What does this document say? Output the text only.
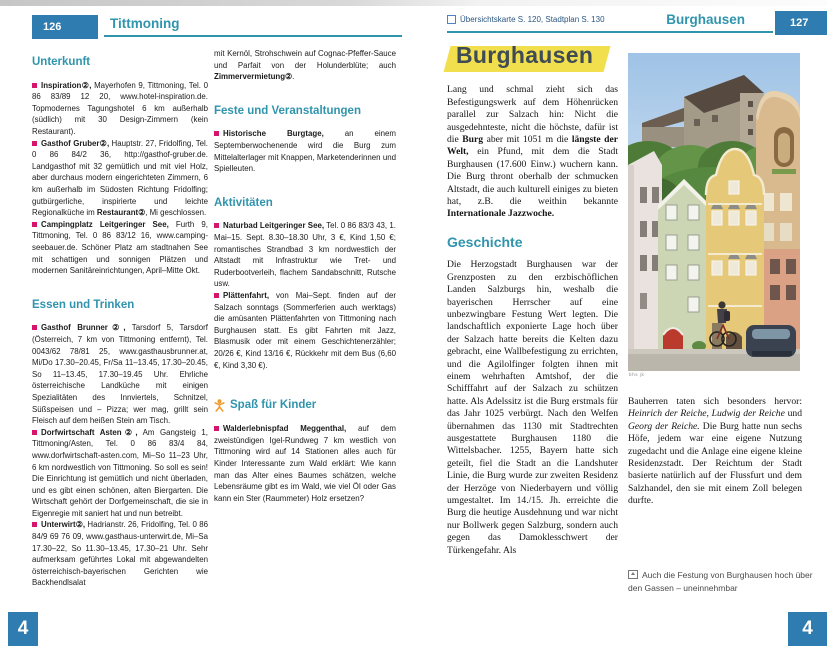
126	Tittmoning	Übersichtskarte S. 120, Stadtplan S. 130	Burghausen	127
Unterkunft

Inspiration②, Mayerhofen 9, Tittmoning, Tel. 0 86 83/89 12 20, www.hotel-inspiration.de. Topmodernes Tagungshotel 6 km außerhalb (südlich) mit 30 Design-Zimmern (kein Restaurant).

Gasthof Gruber②, Hauptstr. 27, Fridolfing, Tel. 0 86 84/2 36, http://gasthof-gruber.de. Landgasthof mit 32 gemütlich und mit viel Holz, aber durchaus modern eingerichteten Zimmern, 6 km außerhalb im Südosten Richtung Fridolfing; gutbürgerliche, inspirierte und leichte Regionalküche im Restaurant②, Mi geschlossen.

Campingplatz Leitgeringer See, Furth 9, Tittmoning, Tel. 0 86 83/12 16, www.camping-seebauer.de. Schöner Platz am stadtnahen See mit schattigen und sonnigen Plätzen und modernen Sanitäreinrichtungen, April–Mitte Okt.

Essen und Trinken

Gasthof Brunner②, Tarsdorf 5, Tarsdorf (Österreich, 7 km von Tittmoning entfernt), Tel. 0043/62 78/81 25, www.gasthausbrunner.at, Mi/Do 17.30–20.45, Fr/Sa 11–13.45, 17.30–20.45, So 11–13.45, 17.30–19.45 Uhr. Ehrliche österreichische Landküche mit einigen Spezialitäten des Innviertels, Schnitzel, Süßspeisen und – Pizza; wer mag, grillt sein Fleisch auf dem heißen Stein am Tisch.

Dorfwirtschaft Asten②, Am Gangsteig 1, Tittmoning/Asten, Tel. 0 86 83/4 84, www.dorfwirtschaft-asten.com, Mi–So 11–23 Uhr, 6 km nordwestlich von Tittmoning. So soll es sein! Die Einrichtung ist gemütlich und nicht überladen, und es gibt einen schönen, alten Biergarten. Die Wirtschaft gehört der Dorfgemeinschaft, die sie in Eigenregie mit saniert hat und nun betreibt.

Unterwirt②, Hadrianstr. 26, Fridolfing, Tel. 0 86 84/9 69 76 09, www.gasthaus-unterwirt.de, Mi–Sa 17.30–22, So 11.30–13.45, 17.30–21 Uhr. Sehr aufmerksam geführtes Lokal mit abgewandelten österreichisch-bayerischen Gerichten wie Backhendlsalat

mit Kernöl, Strohschwein auf Cognac-Pfeffer-Sauce und Parfait von der Holunderblüte; auch Zimmervermietung②.

Feste und Veranstaltungen

Historische Burgtage, an einem Septemberwochenende wird die Burg zum Mittelalterlager mit Knappen, Marketenderinnen und Spielleuten.

Aktivitäten

Naturbad Leitgeringer See, Tel. 0 86 83/3 43, 1. Mai–15. Sept. 8.30–18.30 Uhr, 3 €, Kind 1,50 €; romantisches Strandbad 3 km nordwestlich der Altstadt mit Infrastruktur wie Tret- und Ruderbootverleih, flachem Sandabschnitt, Rutsche usw.

Plättenfahrt, von Mai–Sept. finden auf der Salzach sonntags (Sommerferien auch werktags) die amüsanten Plättenfahrten von Tittmoning nach Burghausen statt. Es gibt Fahrten mit Jazz, Blasmusik oder mit einem Geschichtenerzähler; 20/26 €, Kind 13/16 €, Rückkehr mit dem Bus (6,60 €, Kind 3,30 €).

Spaß für Kinder

Walderlebnispfad Meggenthal, auf dem zweistündigen Igel-Rundweg 7 km westlich von Tittmoning wird auf 14 Stationen alles auch für Kinder Interessante zum Wald erklärt: Wie kann man das Alter eines Baumes schätzen, welche Lebensräume gibt es im Wald, wie viel Öl oder Gas kann ein Ster (Raummeter) Holz ersetzen?

Burghausen

Lang und schmal zieht sich das Befestigungswerk auf dem Höhenrücken parallel zur Salzach hin: Nicht die ausgedehnteste, nicht die höchste, dafür ist die Burg aber mit 1051 m die längste der Welt, ein Pfund, mit dem die Stadt Burghausen (17.600 Einw.) wuchern kann. Die Burg thront oberhalb der schmucken Altstadt, die auch kulturell einiges zu bieten hat, z.B. die weithin bekannte Internationale Jazzwoche.

Geschichte

Die Herzogstadt Burghausen war der Grenzposten zu den erzbischöflichen Landen Salzburgs hin, weshalb die bayerischen Herrscher auf eine unbezwingbare Festung Wert legten. Die landschaftlich exponierte Lage hoch über der Salzach hatte bereits die Kelten dazu gebracht, eine Wallbefestigung zu errichten, und die Agilolfinger folgten ihnen mit einem wehrhaften Amtshof, der die Schifffahrt auf der Salzach zu schützen hatte. Als Adelssitz ist die Burg erstmals für das Jahr 1025 verbürgt. Nach den Welfen übernahmen das 1130 mit Stadtrechten ausgestattete Burghausen 1180 die Wittelsbacher. 1255, Bayern hatte sich geteilt, fiel die Stadt an die Landshuter Linie, die Burg wurde zur zweiten Residenz der Herzöge von Niederbayern und völlig umgestaltet. Im 14./15. Jh. erreichte die Burg die heutige Ausdehnung und war nicht nur Bollwerk gegen Salzburg, sondern auch gegen das Damoklesschwert der Türkengefahr. Als

bhs jk

Bauherren taten sich besonders hervor: Heinrich der Reiche, Ludwig der Reiche und Georg der Reiche. Die Burg hatte nun sechs Höfe, jedem war eine eigene Nutzung zugedacht und die Anlage eine eigene kleine Residenzstadt. Der Reichtum der Stadt basierte natürlich auf der Flussfurt und dem Salzhandel, den sie mit einem Zoll belegen durfte.

Auch die Festung von Burghausen hoch über den Gassen – uneinnehmbar
4	4
